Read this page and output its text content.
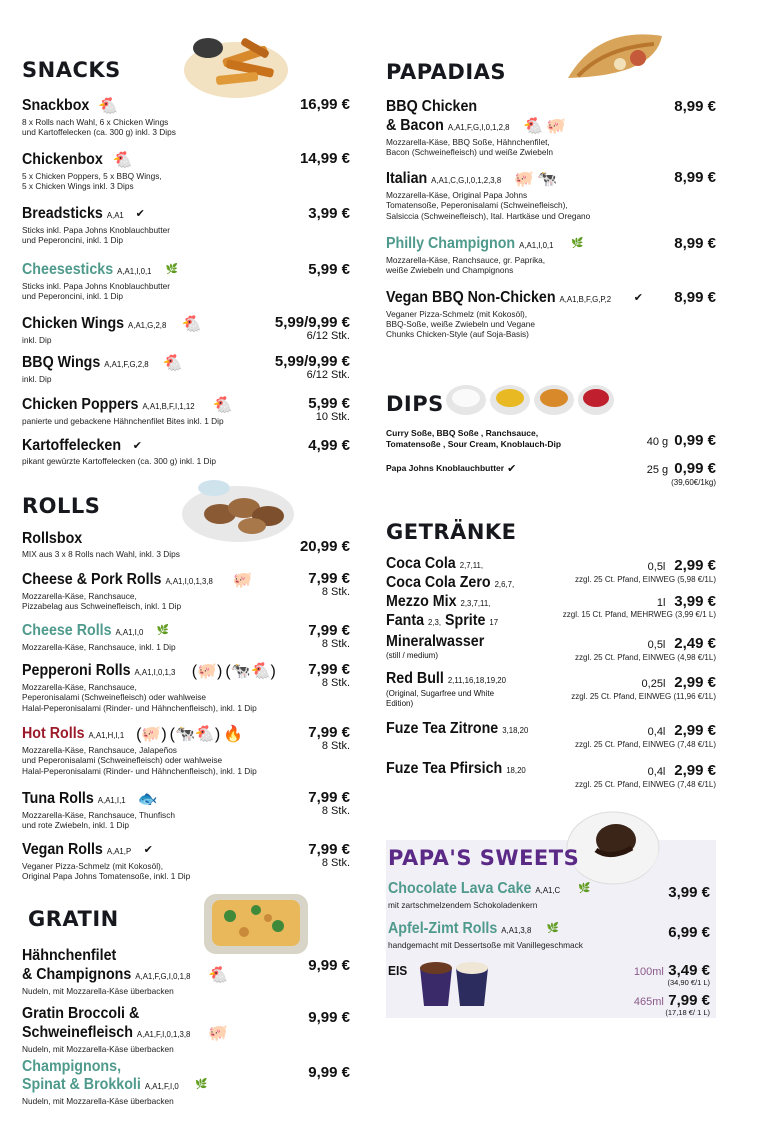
SNACKS
Snackbox 🐔
8 x Rolls nach Wahl, 6 x Chicken Wings
und Kartoffelecken (ca. 300 g) inkl. 3 Dips
16,99 €
Chickenbox 🐔
5 x Chicken Poppers, 5 x BBQ Wings,
5 x Chicken Wings inkl. 3 Dips
14,99 €
Breadsticks A,A1 ✔
Sticks inkl. Papa Johns Knoblauchbutter
und Peperoncini, inkl. 1 Dip
3,99 €
Cheesesticks A,A1,I,0,1 🌿
Sticks inkl. Papa Johns Knoblauchbutter
und Peperoncini, inkl. 1 Dip
5,99 €
Chicken Wings A,A1,G,2,8 🐔
inkl. Dip
5,99/9,99 €
6/12 Stk.
BBQ Wings A,A1,F,G,2,8 🐔
inkl. Dip
5,99/9,99 €
6/12 Stk.
Chicken Poppers A,A1,B,F,I,1,12 🐔
panierte und gebackene Hähnchenfilet Bites inkl. 1 Dip
5,99 €
10 Stk.
Kartoffelecken ✔
pikant gewürzte Kartoffelecken (ca. 300 g) inkl. 1 Dip
4,99 €
ROLLS
Rollsbox
MIX aus 3 x 8 Rolls nach Wahl, inkl. 3 Dips	20,99 €
Cheese & Pork Rolls A,A1,I,0,1,3,8 🐖
Mozzarella-Käse, Ranchsauce,
Pizzabelag aus Schweinefleisch, inkl. 1 Dip
7,99 €
8 Stk.
Cheese Rolls A,A1,I,0 🌿
Mozzarella-Käse, Ranchsauce, inkl. 1 Dip
7,99 €
8 Stk.
Pepperoni Rolls A,A1,I,0,1,3 (🐖) (🐄🐔)
Mozzarella-Käse, Ranchsauce,
Peperonisalami (Schweinefleisch) oder wahlweise
Halal-Peperonisalami (Rinder- und Hähnchenfleisch), inkl. 1 Dip
7,99 €
8 Stk.
Hot Rolls A,A1,H,I,1 (🐖) (🐄🐔) 🔥
Mozzarella-Käse, Ranchsauce, Jalapeños
und Peperonisalami (Schweinefleisch) oder wahlweise
Halal-Peperonisalami (Rinder- und Hähnchenfleisch), inkl. 1 Dip
7,99 €
8 Stk.
Tuna Rolls A,A1,I,1 🐟
Mozzarella-Käse, Ranchsauce, Thunfisch
und rote Zwiebeln, inkl. 1 Dip
7,99 €
8 Stk.
Vegan Rolls A,A1,P ✔
Veganer Pizza-Schmelz (mit Kokosöl),
Original Papa Johns Tomatensoße, inkl. 1 Dip
7,99 €
8 Stk.
GRATIN
Hähnchenfilet
& Champignons A,A1,F,G,I,0,1,8 🐔
Nudeln, mit Mozzarella-Käse überbacken
9,99 €
Gratin Broccoli &
Schweinefleisch A,A1,F,I,0,1,3,8 🐖
Nudeln, mit Mozzarella-Käse überbacken
9,99 €
Champignons,
Spinat & Brokkoli A,A1,F,I,0 🌿
Nudeln, mit Mozzarella-Käse überbacken
9,99 €
PAPADIAS
BBQ Chicken
& Bacon A,A1,F,G,I,0,1,2,8 🐔 🐖
Mozzarella-Käse, BBQ Soße, Hähnchenfilet,
Bacon (Schweinefleisch) und weiße Zwiebeln
8,99 €
Italian A,A1,C,G,I,0,1,2,3,8 🐖 🐄
Mozzarella-Käse, Original Papa Johns
Tomatensoße, Peperonisalami (Schweinefleisch),
Salsiccia (Schweinefleisch), Ital. Hartkäse und Oregano
8,99 €
Philly Champignon A,A1,I,0,1 🌿
Mozzarella-Käse, Ranchsauce, gr. Paprika,
weiße Zwiebeln und Champignons
8,99 €
Vegan BBQ Non-Chicken A,A1,B,F,G,P,2 ✔
Veganer Pizza-Schmelz (mit Kokosöl),
BBQ-Soße, weiße Zwiebeln und Vegane
Chunks Chicken-Style (auf Soja-Basis)
8,99 €
DIPS
Curry Soße, BBQ Soße , Ranchsauce,
Tomatensoße , Sour Cream, Knoblauch-Dip	40 g 0,99 €
Papa Johns Knoblauchbutter ✔	25 g 0,99 €
(39,60€/1kg)
GETRÄNKE
Coca Cola 2,7,11,
Coca Cola Zero 2,6,7,
Mezzo Mix 2,3,7,11,
Fanta 2,3, Sprite 17
0,5l 2,99 €
zzgl. 25 Ct. Pfand, EINWEG (5,98 €/1L)
1l 3,99 €
zzgl. 15 Ct. Pfand, MEHRWEG (3,99 €/1 L)
Mineralwasser
(still / medium)
0,5l 2,49 €
zzgl. 25 Ct. Pfand, EINWEG (4,98 €/1L)
Red Bull 2,11,16,18,19,20
(Original, Sugarfree und White Edition)
0,25l 2,99 €
zzgl. 25 Ct. Pfand, EINWEG (11,96 €/1L)
Fuze Tea Zitrone 3,18,20	0,4l 2,99 €
zzgl. 25 Ct. Pfand, EINWEG (7,48 €/1L)
Fuze Tea Pfirsich 18,20	0,4l 2,99 €
zzgl. 25 Ct. Pfand, EINWEG (7,48 €/1L)
PAPA'S SWEETS
Chocolate Lava Cake A,A1,C 🌿
mit zartschmelzendem Schokoladenkern
3,99 €
Apfel-Zimt Rolls A,A1,3,8 🌿
handgemacht mit Dessertsoße mit Vanillegeschmack
6,99 €
EIS	100ml 3,49 €
(34,90 €/1 L)
465ml 7,99 €
(17,18 €/ 1 L)
